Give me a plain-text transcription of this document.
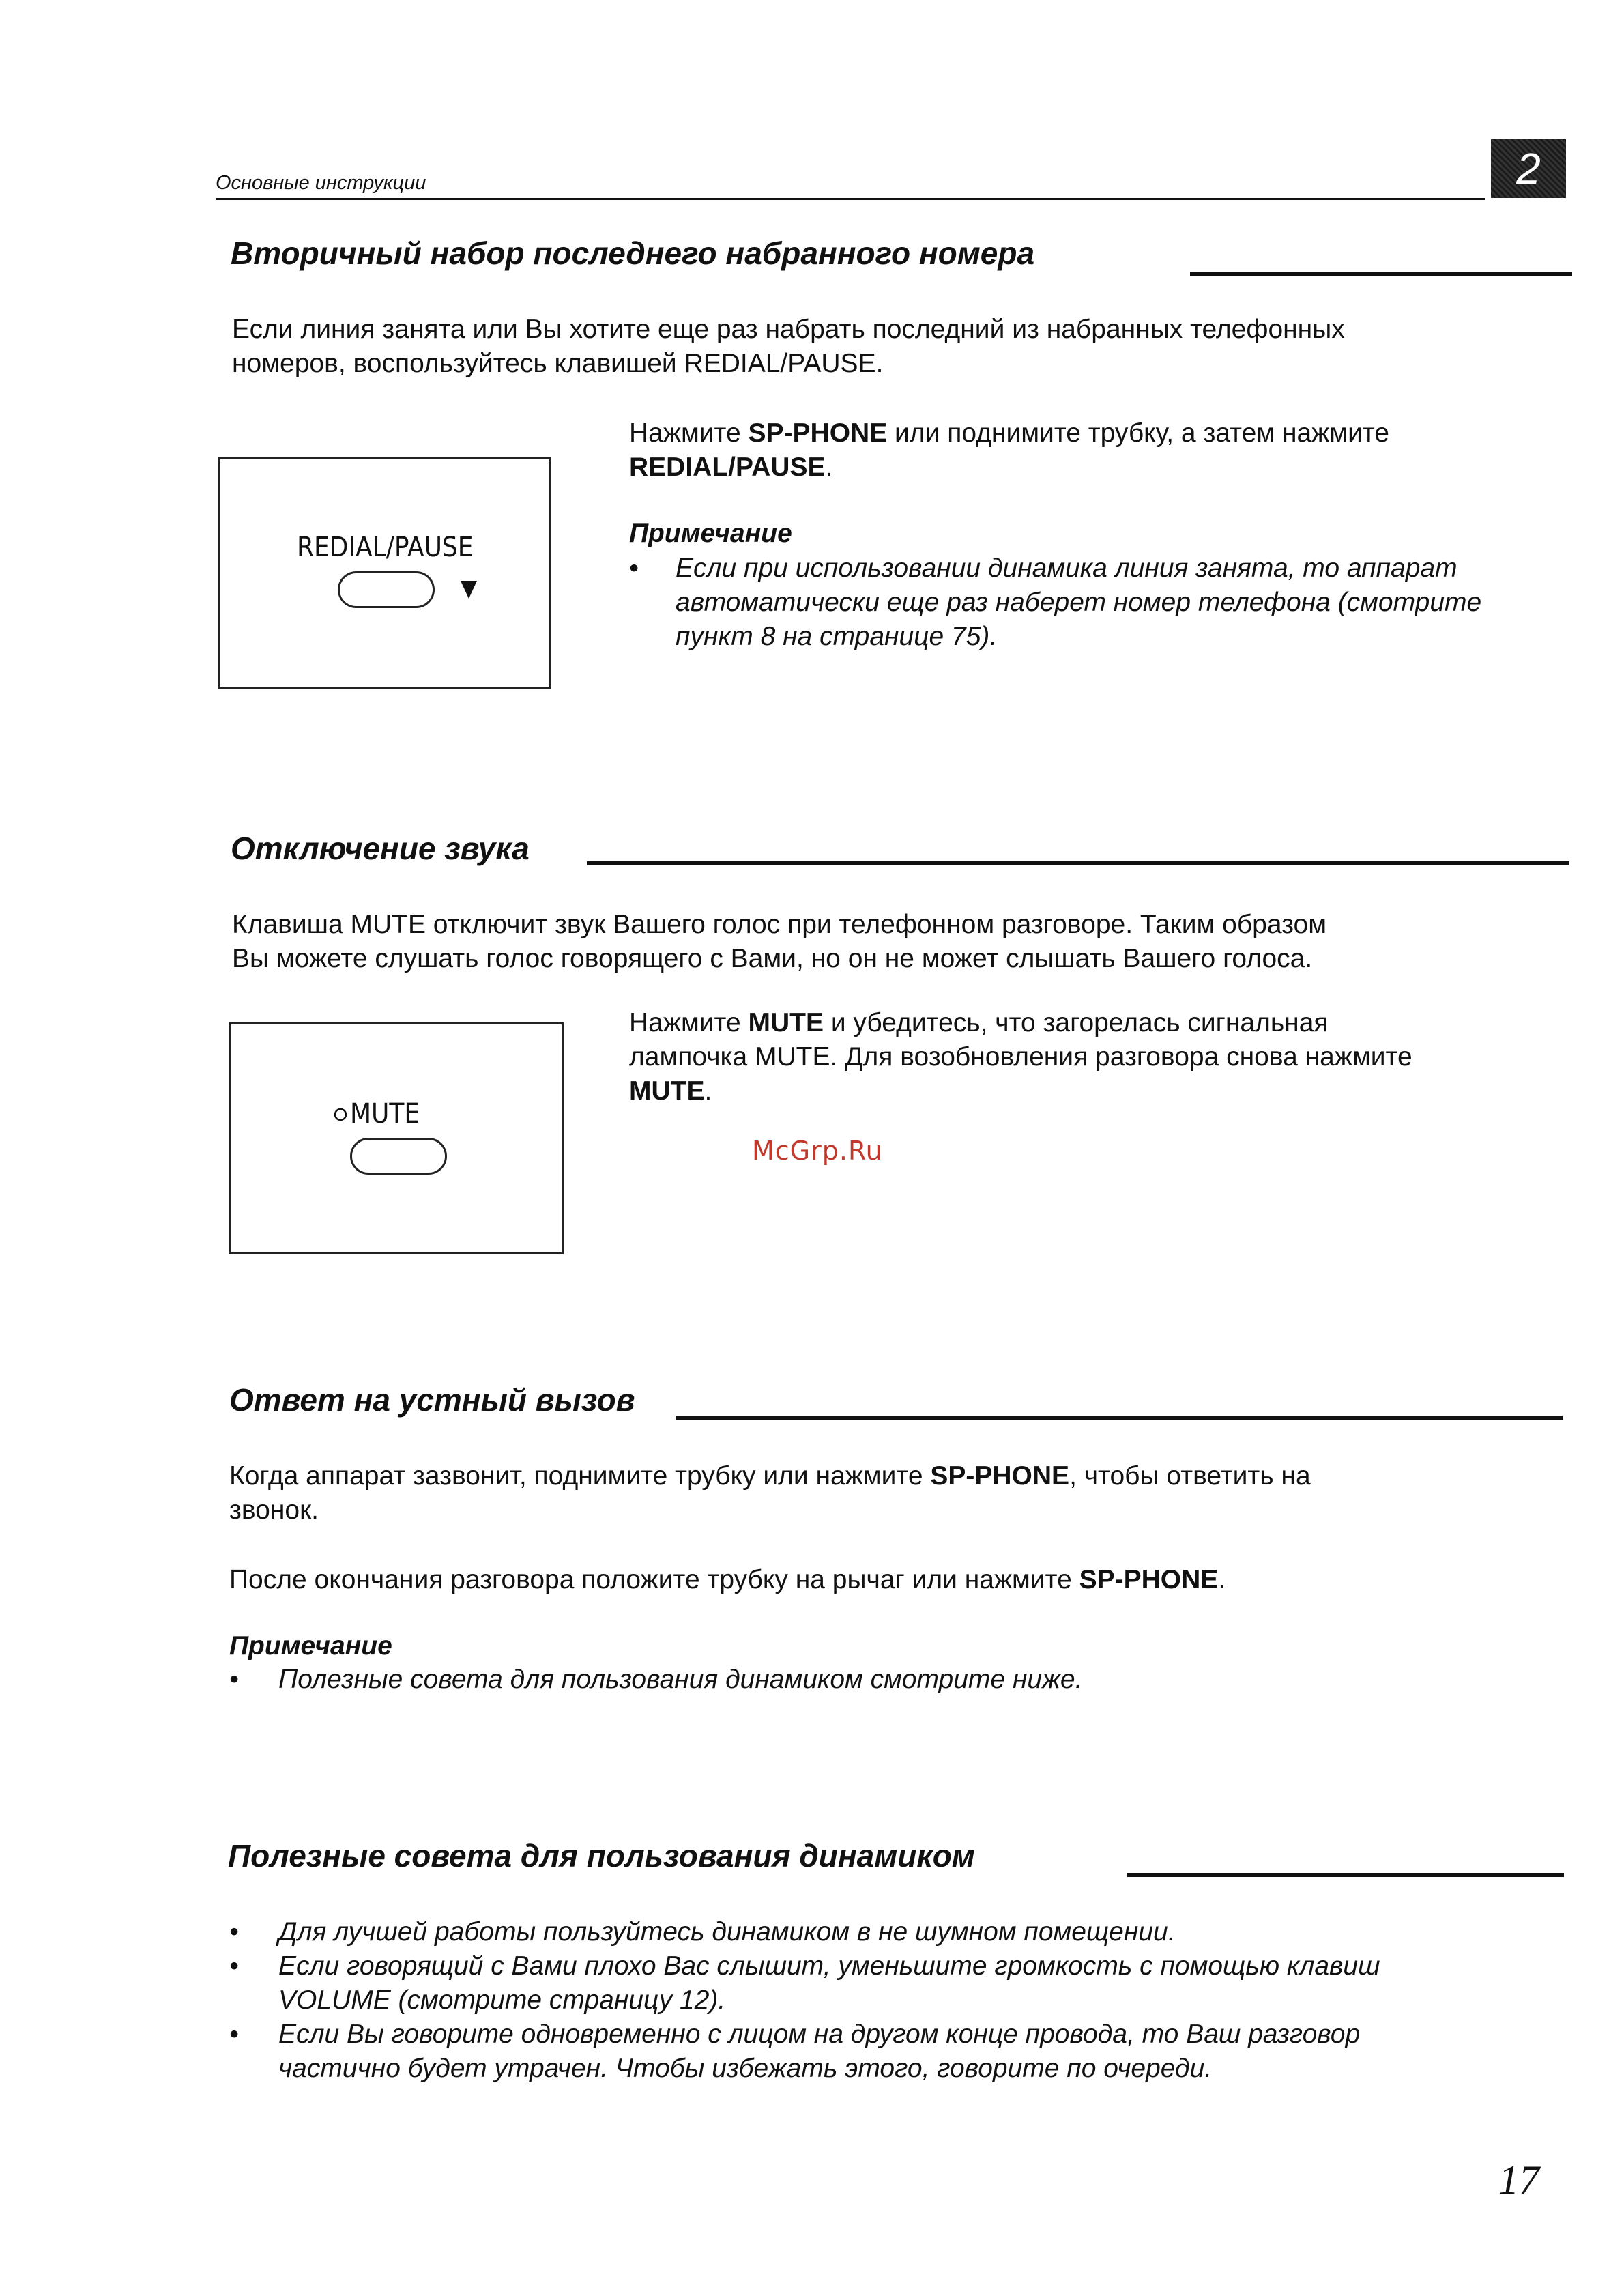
Основные инструкции	2
Вторичный набор последнего набранного номера
Если линия занята или Вы хотите еще раз набрать последний из набранных телефонных
номеров, воспользуйтесь клавишей REDIAL/PAUSE.
REDIAL/PAUSE
Нажмите SP-PHONE или поднимите трубку, а затем нажмите
REDIAL/PAUSE.
Примечание
• Если при использовании динамика линия занята, то аппарат
автоматически еще раз наберет номер телефона (смотрите
пункт 8 на странице 75).
Отключение звука
Клавиша MUTE отключит звук Вашего голос при телефонном разговоре. Таким образом
Вы можете слушать голос говорящего с Вами, но он не может слышать Вашего голоса.
MUTE
Нажмите MUTE и убедитесь, что загорелась сигнальная
лампочка MUTE. Для возобновления разговора снова нажмите
MUTE.
McGrp.Ru
Ответ на устный вызов
Когда аппарат зазвонит, поднимите трубку или нажмите SP-PHONE, чтобы ответить на
звонок.
После окончания разговора положите трубку на рычаг или нажмите SP-PHONE.
Примечание
•	Полезные совета для пользования динамиком смотрите ниже.
Полезные совета для пользования динамиком
•	Для лучшей работы пользуйтесь динамиком в не шумном помещении.
• Если говорящий с Вами плохо Вас слышит, уменьшите громкость с помощью клавиш
VOLUME (смотрите страницу 12).
• Если Вы говорите одновременно с лицом на другом конце провода, то Ваш разговор
частично будет утрачен. Чтобы избежать этого, говорите по очереди.
17
